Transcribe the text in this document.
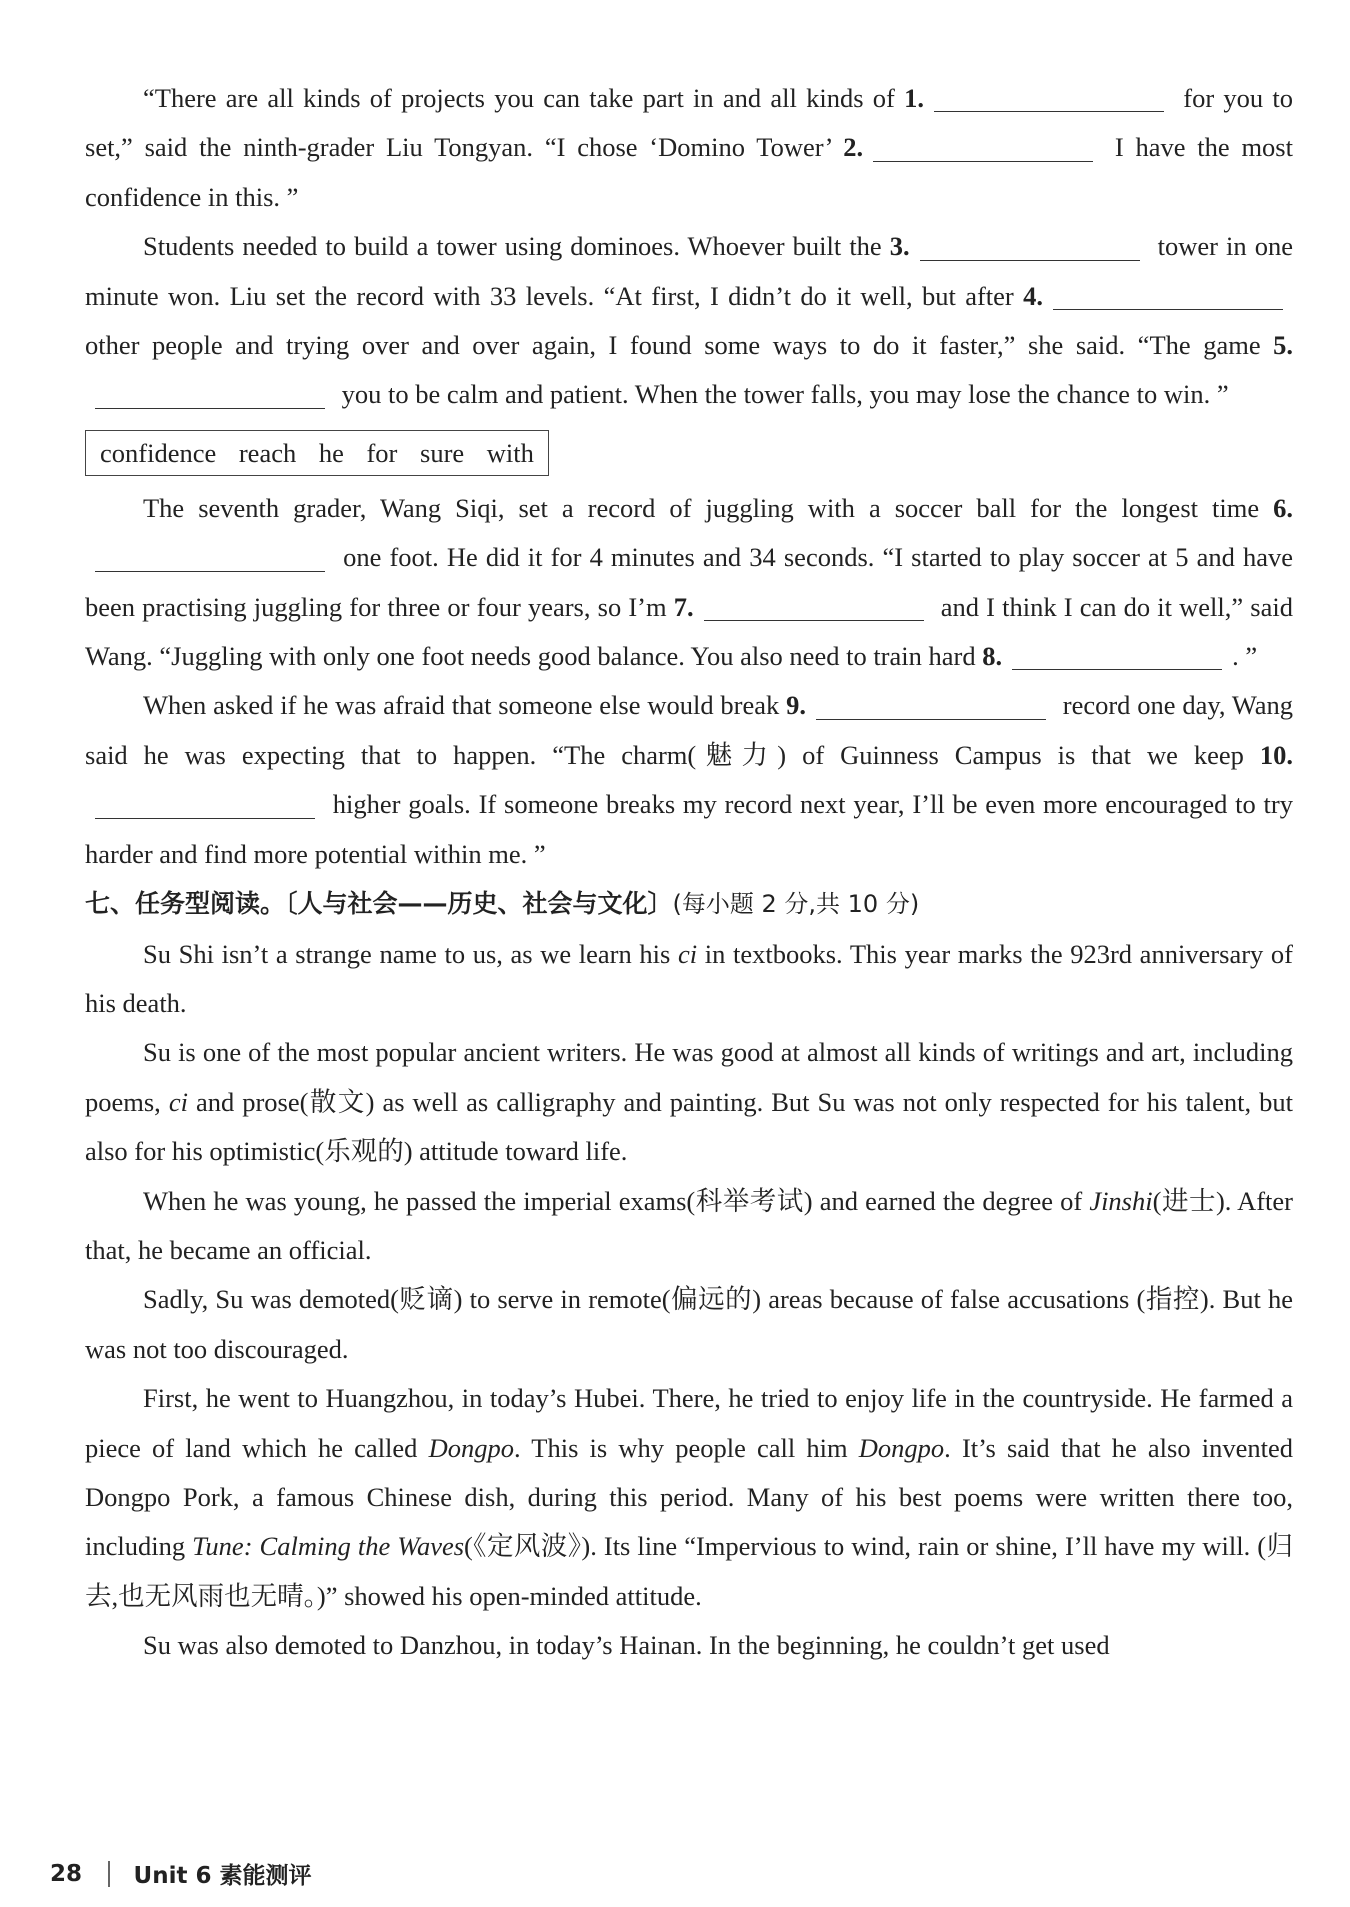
“There are all kinds of projects you can take part in and all kinds of 1.	for you to set,” said the ninth-grader Liu Tongyan. “I chose ‘Domino Tower’ 2.	I have the most confidence in this. ”

Students needed to build a tower using dominoes. Whoever built the 3.	tower in one minute won. Liu set the record with 33 levels. “At first, I didn’t do it well, but after 4. other people and trying over and over again, I found some ways to do it faster,” she said. “The game 5. you to be calm and patient. When the tower falls, you may lose the chance to win. ”

confidence reach he for sure with

The seventh grader, Wang Siqi, set a record of juggling with a soccer ball for the longest time 6. one foot. He did it for 4 minutes and 34 seconds. “I started to play soccer at 5 and have been practising juggling for three or four years, so I’m 7.	and I think I can do it well,” said Wang. “Juggling with only one foot needs good balance. You also need to train hard 8.	. ”

When asked if he was afraid that someone else would break 9.	record one day, Wang said he was expecting that to happen. “The charm(魅力) of Guinness Campus is that we keep 10. higher goals. If someone breaks my record next year, I’ll be even more encouraged to try harder and find more potential within me. ”

七、任务型阅读。〔人与社会——历史、社会与文化〕(每小题 2 分,共 10 分)

Su Shi isn’t a strange name to us, as we learn his ci in textbooks. This year marks the 923rd anniversary of his death.

Su is one of the most popular ancient writers. He was good at almost all kinds of writings and art, including poems, ci and prose(散文) as well as calligraphy and painting. But Su was not only respected for his talent, but also for his optimistic(乐观的) attitude toward life.

When he was young, he passed the imperial exams(科举考试) and earned the degree of Jinshi(进士). After that, he became an official.

Sadly, Su was demoted(贬谪) to serve in remote(偏远的) areas because of false accusations (指控). But he was not too discouraged.

First, he went to Huangzhou, in today’s Hubei. There, he tried to enjoy life in the countryside. He farmed a piece of land which he called Dongpo. This is why people call him Dongpo. It’s said that he also invented Dongpo Pork, a famous Chinese dish, during this period. Many of his best poems were written there too, including Tune: Calming the Waves(《定风波》). Its line “Impervious to wind, rain or shine, I’ll have my will. (归去,也无风雨也无晴。)” showed his open-minded attitude.

Su was also demoted to Danzhou, in today’s Hainan. In the beginning, he couldn’t get used

28 Unit 6 素能测评
